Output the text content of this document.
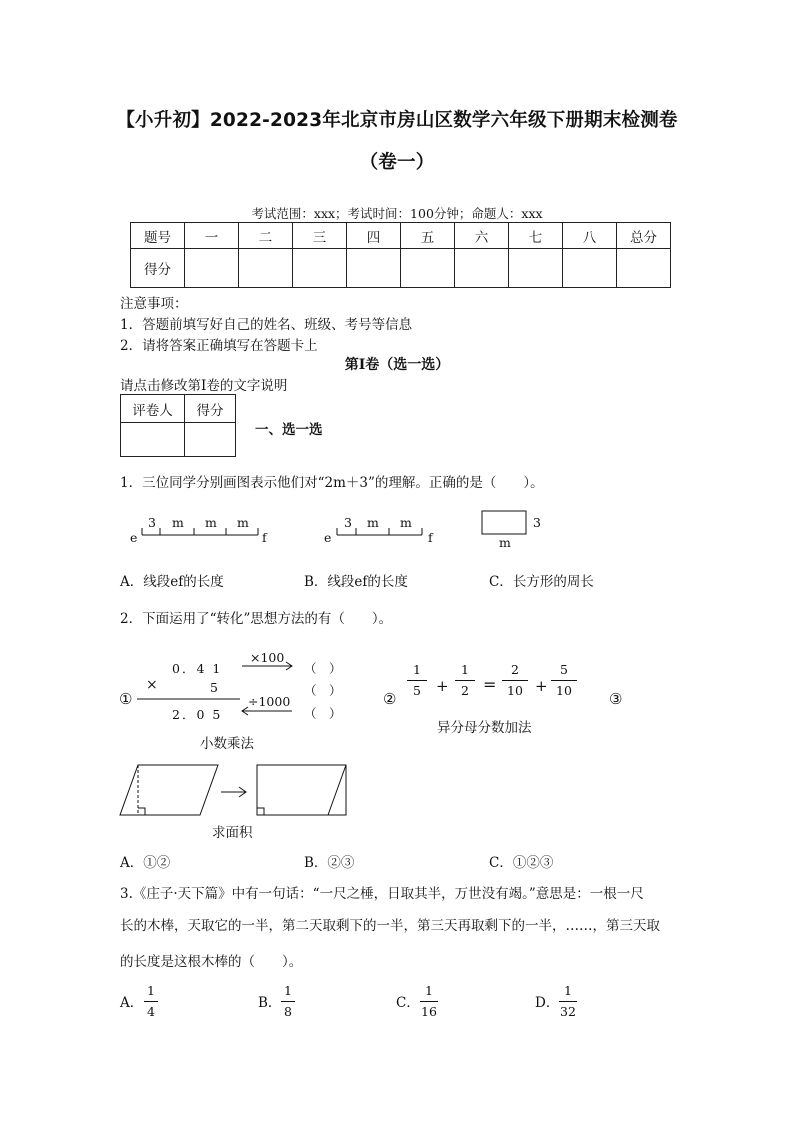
【小升初】2022-2023年北京市房山区数学六年级下册期末检测卷
（卷一）
考试范围：xxx；考试时间：100分钟；命题人：xxx
题号	一	二	三	四	五	六	七	八	总分
得分									
注意事项：
1．答题前填写好自己的姓名、班级、考号等信息
2．请将答案正确填写在答题卡上
第Ⅰ卷（选一选）
请点击修改第Ⅰ卷的文字说明
评卷人	得分

一、选一选
1．三位同学分别画图表示他们对“2m＋3”的理解。正确的是（　　）。
e	f
3 m m m
e	f
3 m m	3
m
A．线段ef的长度	B．线段ef的长度	C．长方形的周长
2．下面运用了“转化”思想方法的有（　　）。
①
0．4 1
×	5
2．0 5
×100
÷1000
（　）
（　）
（　）
小数乘法
②
1
5	+
1
2 =
2
10 +
5
10	③
异分母分数加法
求面积
A．①②	B．②③	C．①②③
3.《庄子·天下篇》中有一句话：“一尺之棰，日取其半，万世没有竭。”意思是：一根一尺
长的木棒，天取它的一半，第二天取剩下的一半，第三天再取剩下的一半，……，第三天取
的长度是这根木棒的（　　）。
A．
1
4	B．
1
8	C．
1
16	D．
1
32
